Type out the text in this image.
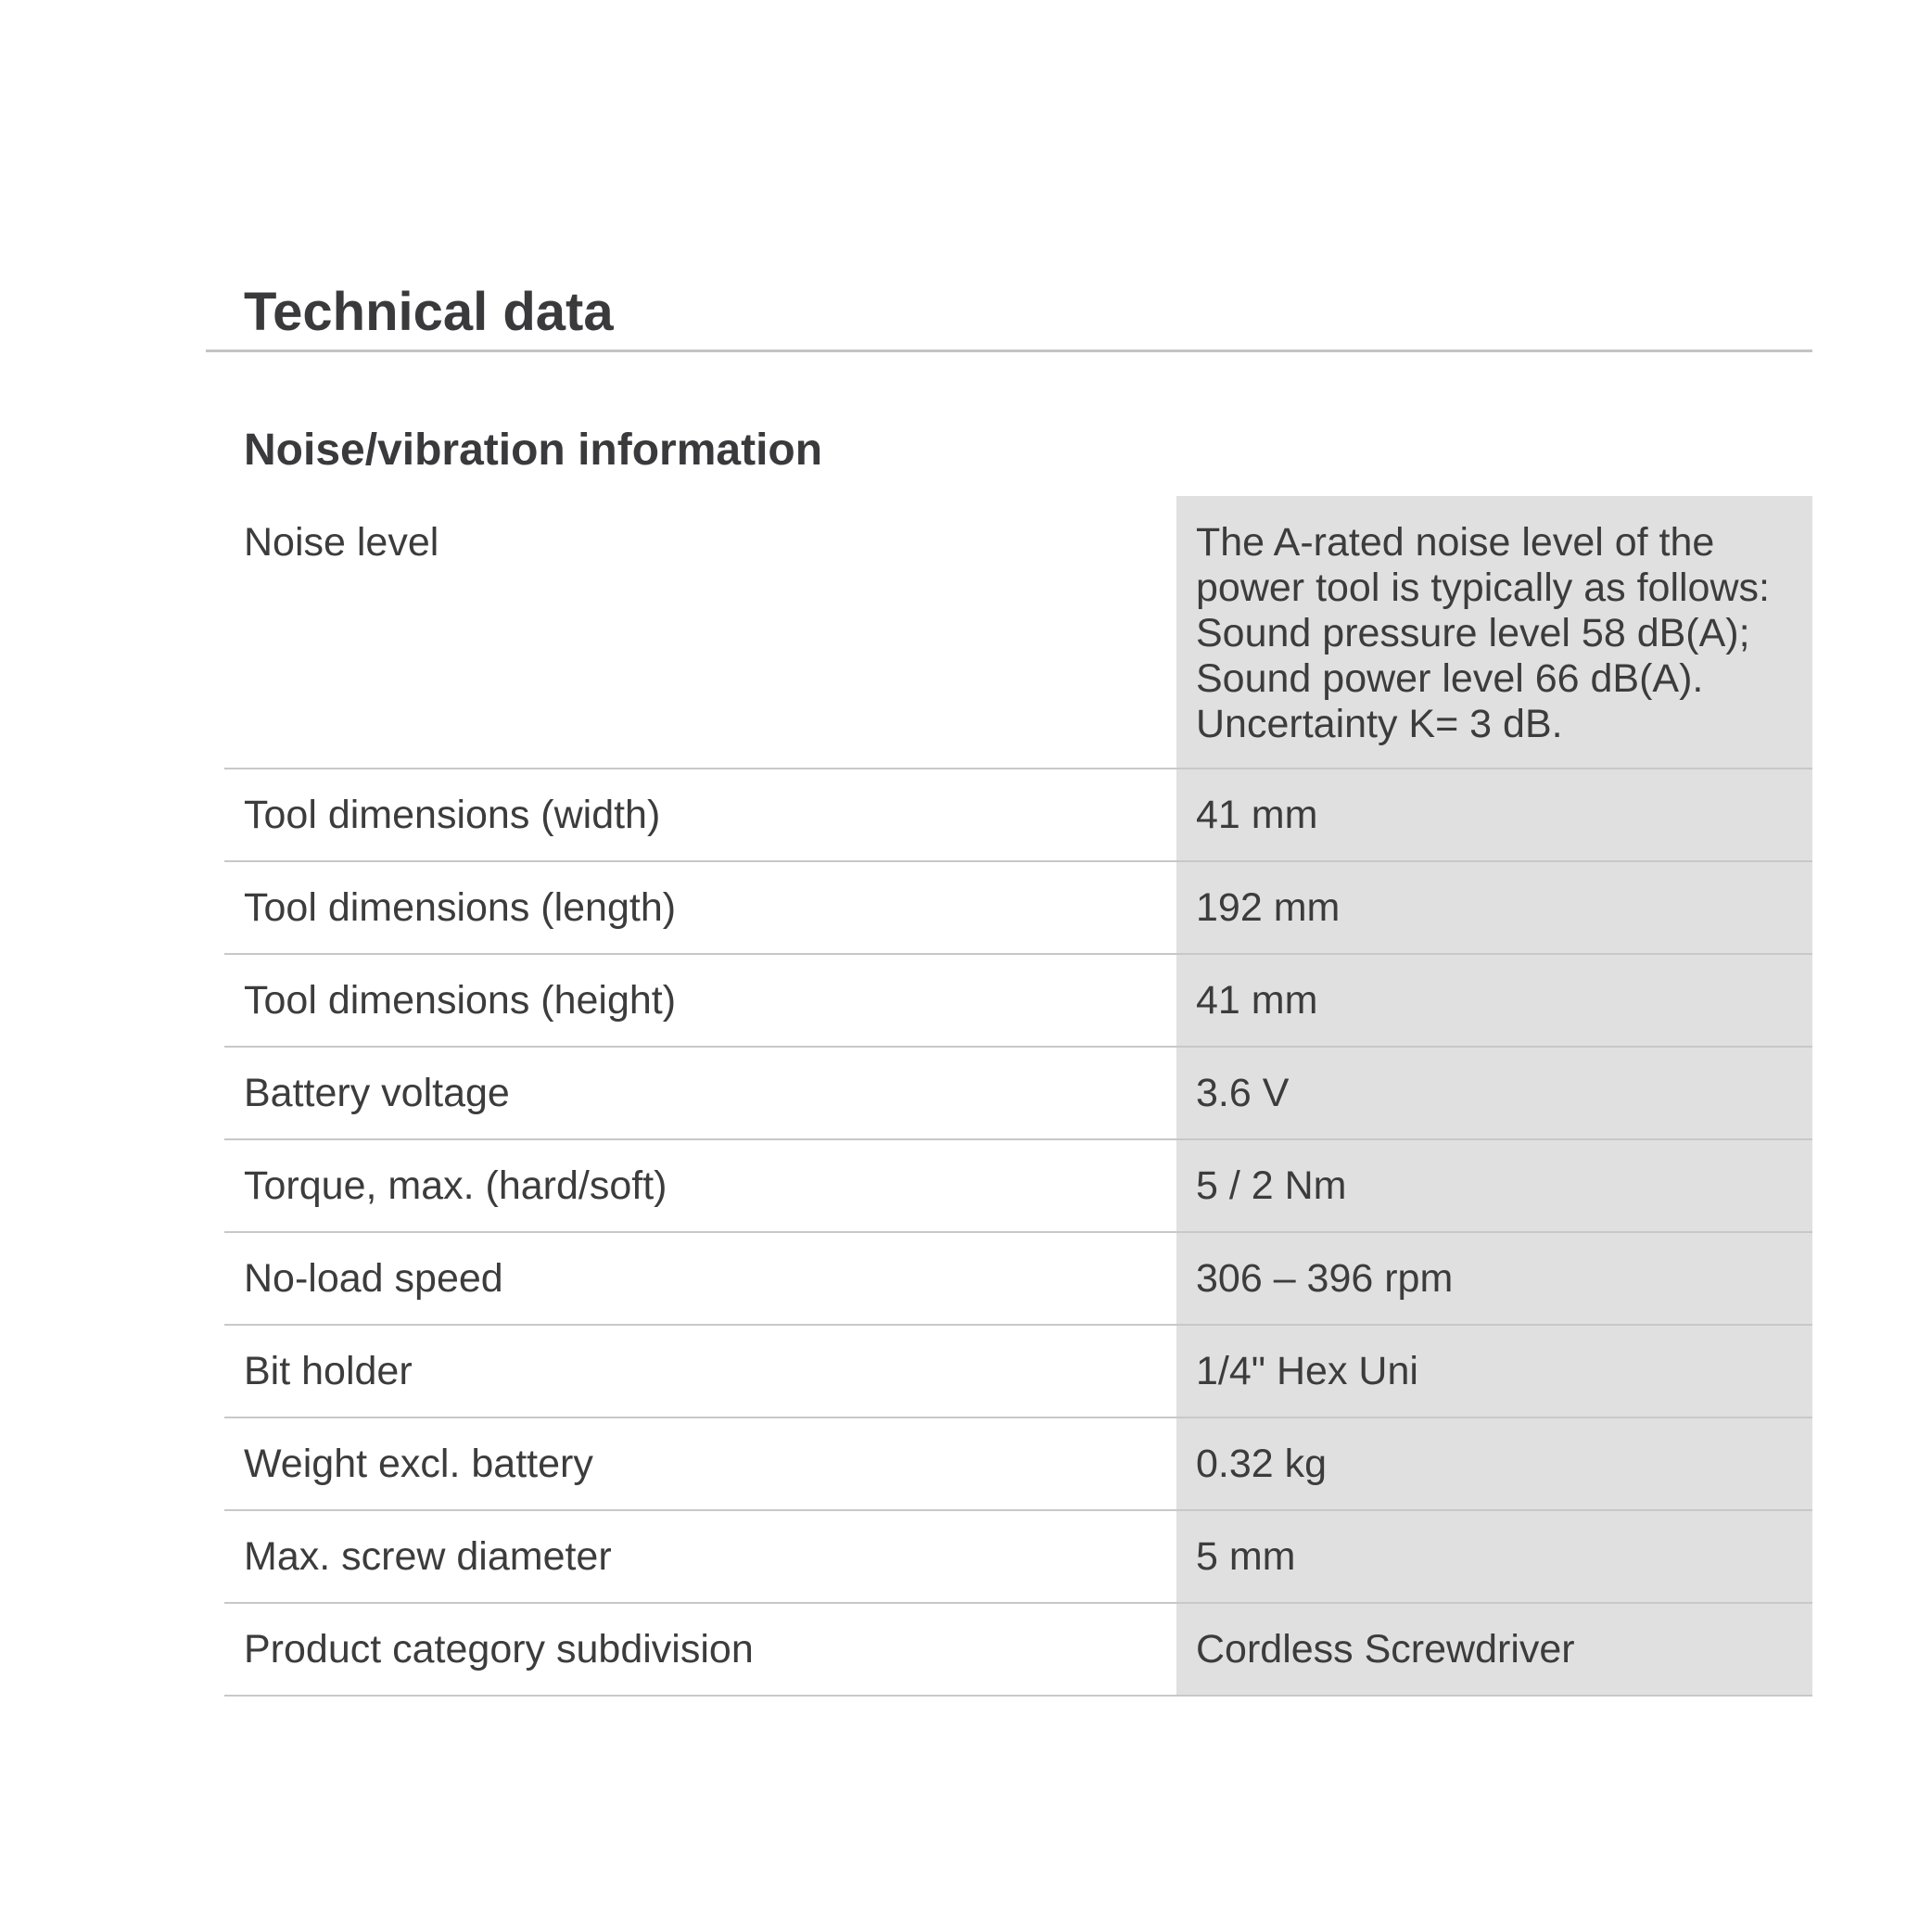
Technical data
Noise/vibration information
Noise level	The A-rated noise level of the power tool is typically as follows: Sound pressure level 58 dB(A); Sound power level 66 dB(A). Uncertainty K= 3 dB.
Tool dimensions (width)	41 mm
Tool dimensions (length)	192 mm
Tool dimensions (height)	41 mm
Battery voltage	3.6 V
Torque, max. (hard/soft)	5 / 2 Nm
No-load speed	306 – 396 rpm
Bit holder	1/4" Hex Uni
Weight excl. battery	0.32 kg
Max. screw diameter	5 mm
Product category subdivision	Cordless Screwdriver
